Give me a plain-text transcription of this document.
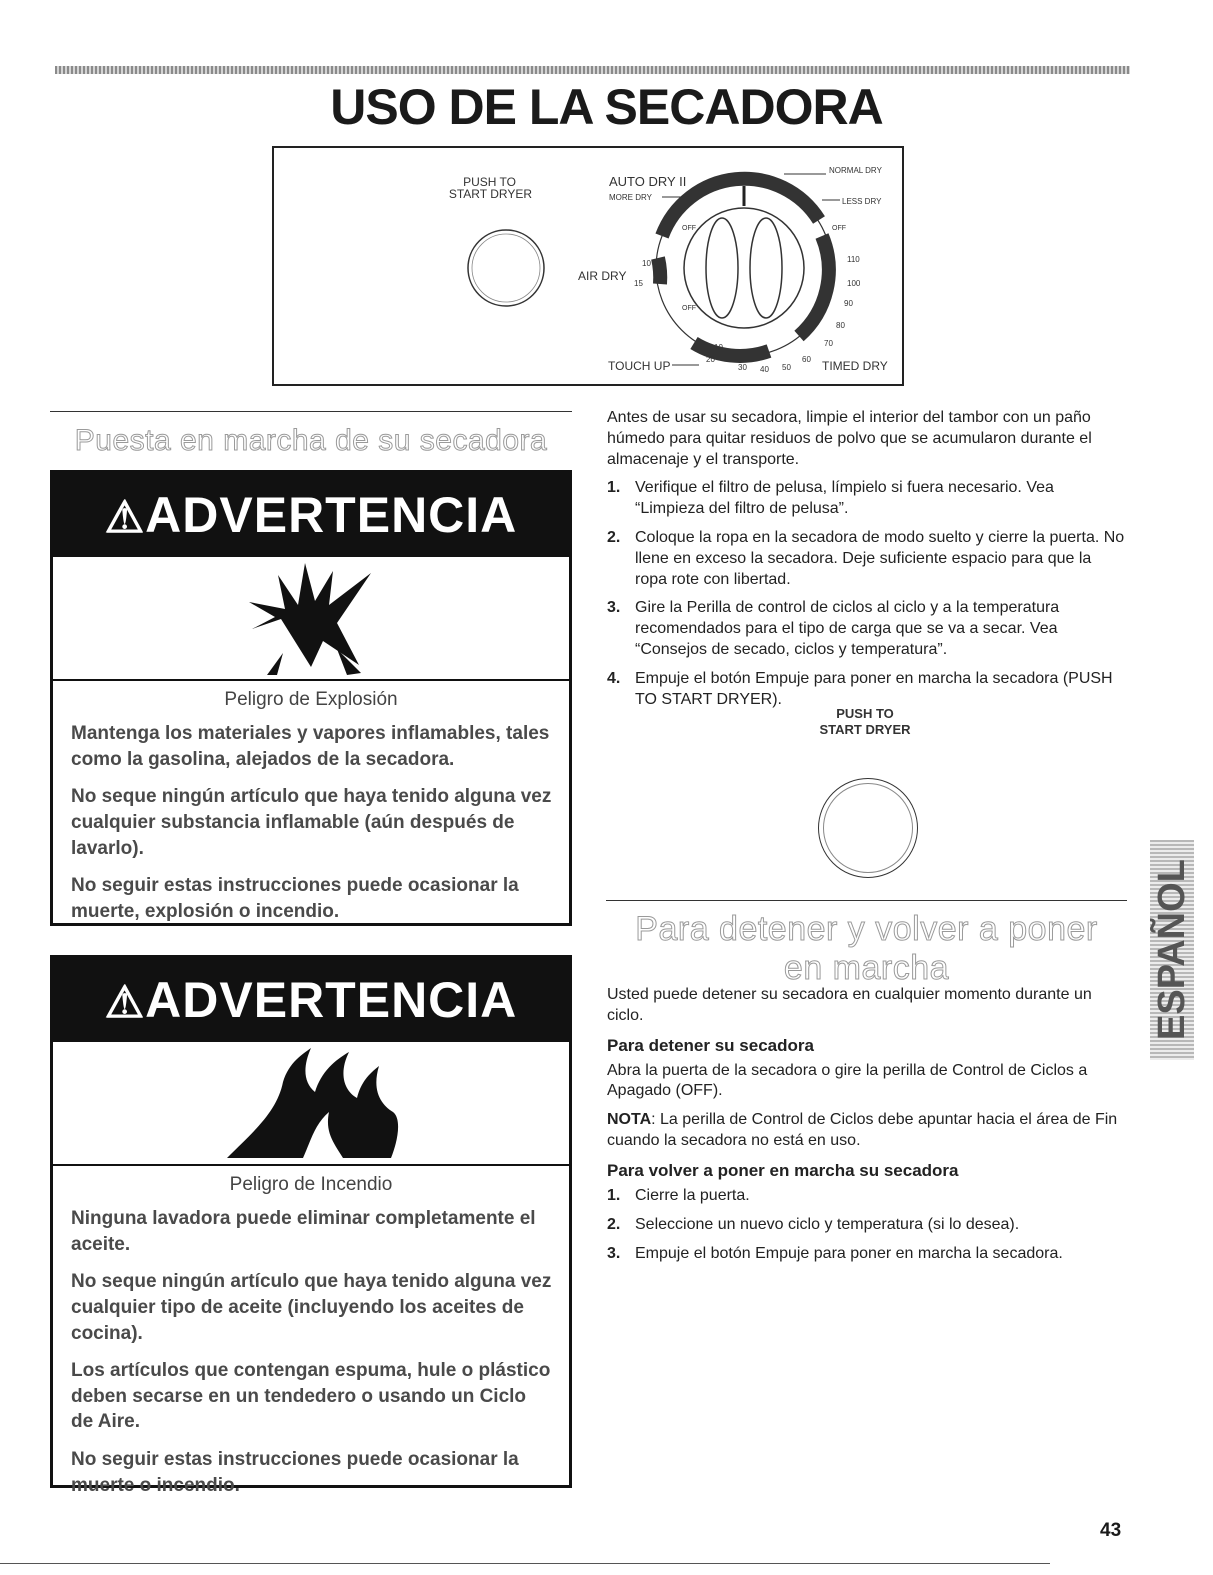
USO DE LA SECADORA
PUSH TO
START DRYER
AUTO DRY II
MORE DRY
NORMAL DRY
LESS DRY
OFF	OFF
OFF
AIR DRY
10
15
TOUCH UP	TIMED DRY
110
100
90
80
70
60
50
40
30
20
10
Puesta en marcha de su secadora
⚠ADVERTENCIA
Peligro de Explosión

Mantenga los materiales y vapores inflamables, tales como la gasolina, alejados de la secadora.

No seque ningún artículo que haya tenido alguna vez cualquier substancia inflamable (aún después de lavarlo).

No seguir estas instrucciones puede ocasionar la muerte, explosión o incendio.

⚠ADVERTENCIA
Peligro de Incendio

Ninguna lavadora puede eliminar completamente el aceite.

No seque ningún artículo que haya tenido alguna vez cualquier tipo de aceite (incluyendo los aceites de cocina).

Los artículos que contengan espuma, hule o plástico deben secarse en un tendedero o usando un Ciclo de Aire.

No seguir estas instrucciones puede ocasionar la muerte o incendio.

Antes de usar su secadora, limpie el interior del tambor con un paño húmedo para quitar residuos de polvo que se acumularon durante el almacenaje y el transporte.

1. Verifique el filtro de pelusa, límpielo si fuera necesario. Vea “Limpieza del filtro de pelusa”.
2. Coloque la ropa en la secadora de modo suelto y cierre la puerta. No llene en exceso la secadora. Deje suficiente espacio para que la ropa rote con libertad.
3. Gire la Perilla de control de ciclos al ciclo y a la temperatura recomendados para el tipo de carga que se va a secar. Vea “Consejos de secado, ciclos y temperatura”.
4. Empuje el botón Empuje para poner en marcha la secadora (PUSH TO START DRYER).
PUSH TO
START DRYER
Para detener y volver a poner
en marcha

Usted puede detener su secadora en cualquier momento durante un ciclo.

Para detener su secadora

Abra la puerta de la secadora o gire la perilla de Control de Ciclos a Apagado (OFF).

NOTA: La perilla de Control de Ciclos debe apuntar hacia el área de Fin cuando la secadora no está en uso.

Para volver a poner en marcha su secadora
1. Cierre la puerta.
2. Seleccione un nuevo ciclo y temperatura (si lo desea).
3. Empuje el botón Empuje para poner en marcha la secadora.
ESPAÑOL
43
